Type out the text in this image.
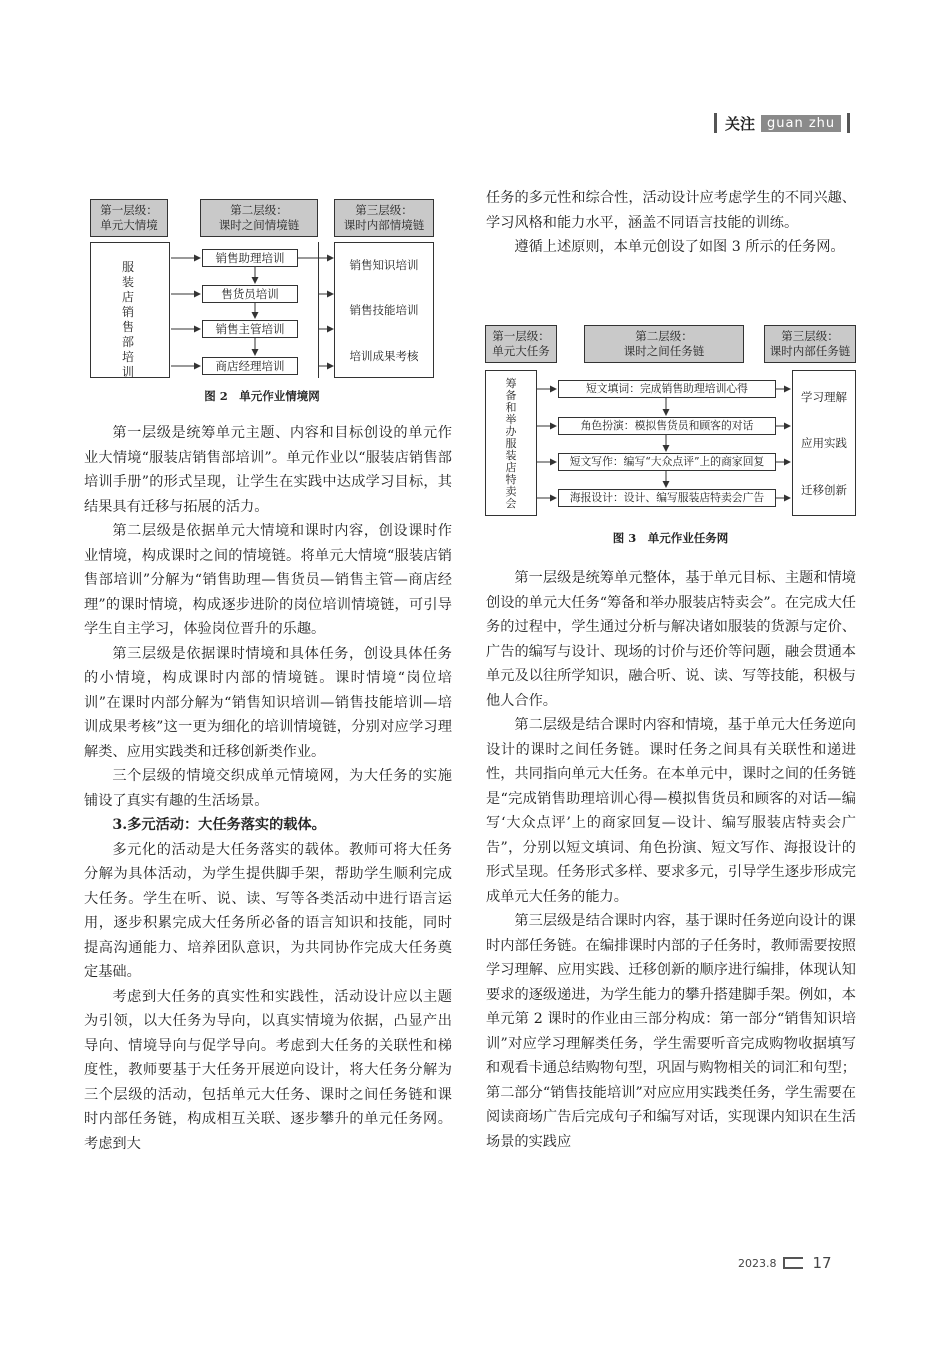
关注 guan zhu
第一层级：
单元大情境
第二层级：
课时之间情境链
第三层级：
课时内部情境链
服装店销售部培训
销售助理培训
售货员培训
销售主管培训
商店经理培训
销售知识培训
销售技能培训
培训成果考核
图 2　单元作业情境网

第一层级是统筹单元主题、内容和目标创设的单元作业大情境“服装店销售部培训”。单元作业以“服装店销售部培训手册”的形式呈现，让学生在实践中达成学习目标，其结果具有迁移与拓展的活力。

第二层级是依据单元大情境和课时内容，创设课时作业情境，构成课时之间的情境链。将单元大情境“服装店销售部培训”分解为“销售助理—售货员—销售主管—商店经理”的课时情境，构成逐步进阶的岗位培训情境链，可引导学生自主学习，体验岗位晋升的乐趣。

第三层级是依据课时情境和具体任务，创设具体任务的小情境，构成课时内部的情境链。课时情境“岗位培训”在课时内部分解为“销售知识培训—销售技能培训—培训成果考核”这一更为细化的培训情境链，分别对应学习理解类、应用实践类和迁移创新类作业。

三个层级的情境交织成单元情境网，为大任务的实施铺设了真实有趣的生活场景。

3.多元活动：大任务落实的载体。

多元化的活动是大任务落实的载体。教师可将大任务分解为具体活动，为学生提供脚手架，帮助学生顺利完成大任务。学生在听、说、读、写等各类活动中进行语言运用，逐步积累完成大任务所必备的语言知识和技能，同时提高沟通能力、培养团队意识，为共同协作完成大任务奠定基础。

考虑到大任务的真实性和实践性，活动设计应以主题为引领，以大任务为导向，以真实情境为依据，凸显产出导向、情境导向与促学导向。考虑到大任务的关联性和梯度性，教师要基于大任务开展逆向设计，将大任务分解为三个层级的活动，包括单元大任务、课时之间任务链和课时内部任务链，构成相互关联、逐步攀升的单元任务网。考虑到大

任务的多元性和综合性，活动设计应考虑学生的不同兴趣、学习风格和能力水平，涵盖不同语言技能的训练。

遵循上述原则，本单元创设了如图 3 所示的任务网。

第一层级：
单元大任务
第二层级：
课时之间任务链
第三层级：
课时内部任务链
筹备和举办服装店特卖会
短文填词：完成销售助理培训心得
角色扮演：模拟售货员和顾客的对话
短文写作：编写“大众点评”上的商家回复
海报设计：设计、编写服装店特卖会广告
学习理解
应用实践
迁移创新
图 3　单元作业任务网

第一层级是统筹单元整体，基于单元目标、主题和情境创设的单元大任务“筹备和举办服装店特卖会”。在完成大任务的过程中，学生通过分析与解决诸如服装的货源与定价、广告的编写与设计、现场的讨价与还价等问题，融会贯通本单元及以往所学知识，融合听、说、读、写等技能，积极与他人合作。

第二层级是结合课时内容和情境，基于单元大任务逆向设计的课时之间任务链。课时任务之间具有关联性和递进性，共同指向单元大任务。在本单元中，课时之间的任务链是“完成销售助理培训心得—模拟售货员和顾客的对话—编写‘大众点评’上的商家回复—设计、编写服装店特卖会广告”，分别以短文填词、角色扮演、短文写作、海报设计的形式呈现。任务形式多样、要求多元，引导学生逐步形成完成单元大任务的能力。

第三层级是结合课时内容，基于课时任务逆向设计的课时内部任务链。在编排课时内部的子任务时，教师需要按照学习理解、应用实践、迁移创新的顺序进行编排，体现认知要求的逐级递进，为学生能力的攀升搭建脚手架。例如，本单元第 2 课时的作业由三部分构成：第一部分“销售知识培训”对应学习理解类任务，学生需要听音完成购物收据填写和观看卡通总结购物句型，巩固与购物相关的词汇和句型；第二部分“销售技能培训”对应应用实践类任务，学生需要在阅读商场广告后完成句子和编写对话，实现课内知识在生活场景的实践应

2023.8 17
